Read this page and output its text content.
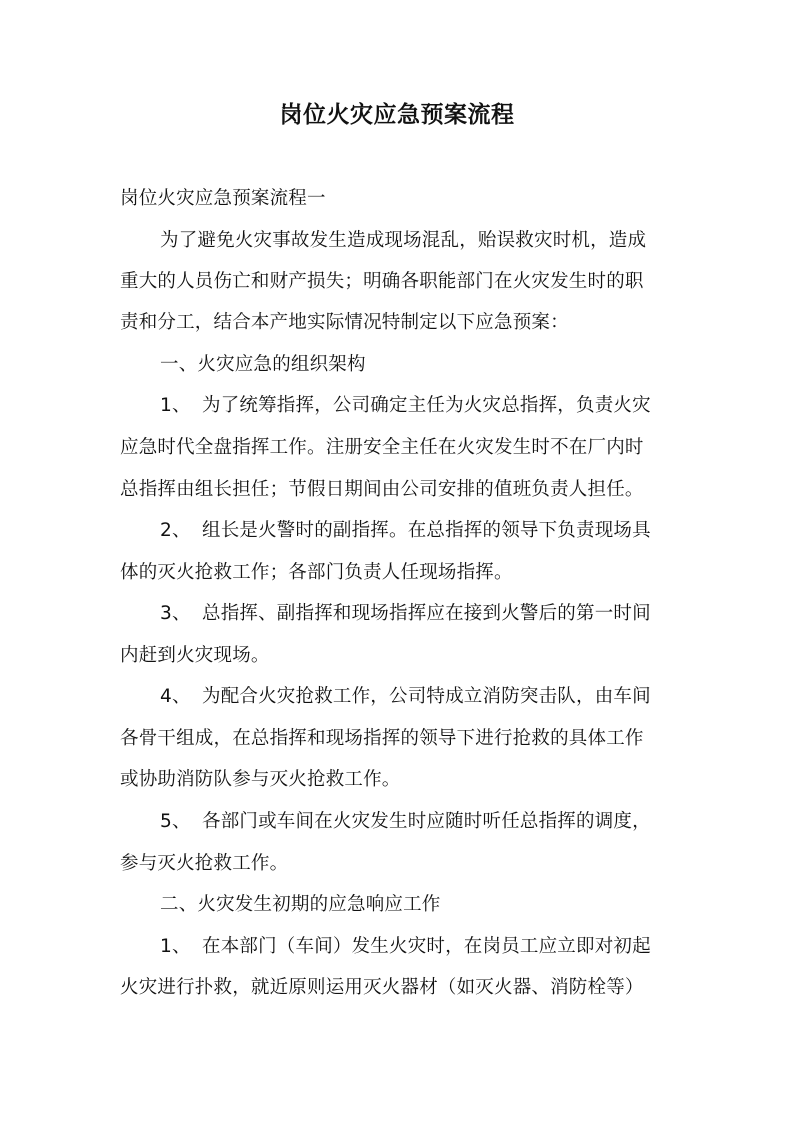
岗位火灾应急预案流程
岗位火灾应急预案流程一
为了避免火灾事故发生造成现场混乱，贻误救灾时机，造成
重大的人员伤亡和财产损失；明确各职能部门在火灾发生时的职
责和分工，结合本产地实际情况特制定以下应急预案：
一、火灾应急的组织架构
1、 为了统筹指挥，公司确定主任为火灾总指挥，负责火灾
应急时代全盘指挥工作。注册安全主任在火灾发生时不在厂内时
总指挥由组长担任；节假日期间由公司安排的值班负责人担任。
2、 组长是火警时的副指挥。在总指挥的领导下负责现场具
体的灭火抢救工作；各部门负责人任现场指挥。
3、 总指挥、副指挥和现场指挥应在接到火警后的第一时间
内赶到火灾现场。
4、 为配合火灾抢救工作，公司特成立消防突击队，由车间
各骨干组成，在总指挥和现场指挥的领导下进行抢救的具体工作
或协助消防队参与灭火抢救工作。
5、 各部门或车间在火灾发生时应随时听任总指挥的调度，
参与灭火抢救工作。
二、火灾发生初期的应急响应工作
1、 在本部门（车间）发生火灾时，在岗员工应立即对初起
火灾进行扑救，就近原则运用灭火器材（如灭火器、消防栓等）
